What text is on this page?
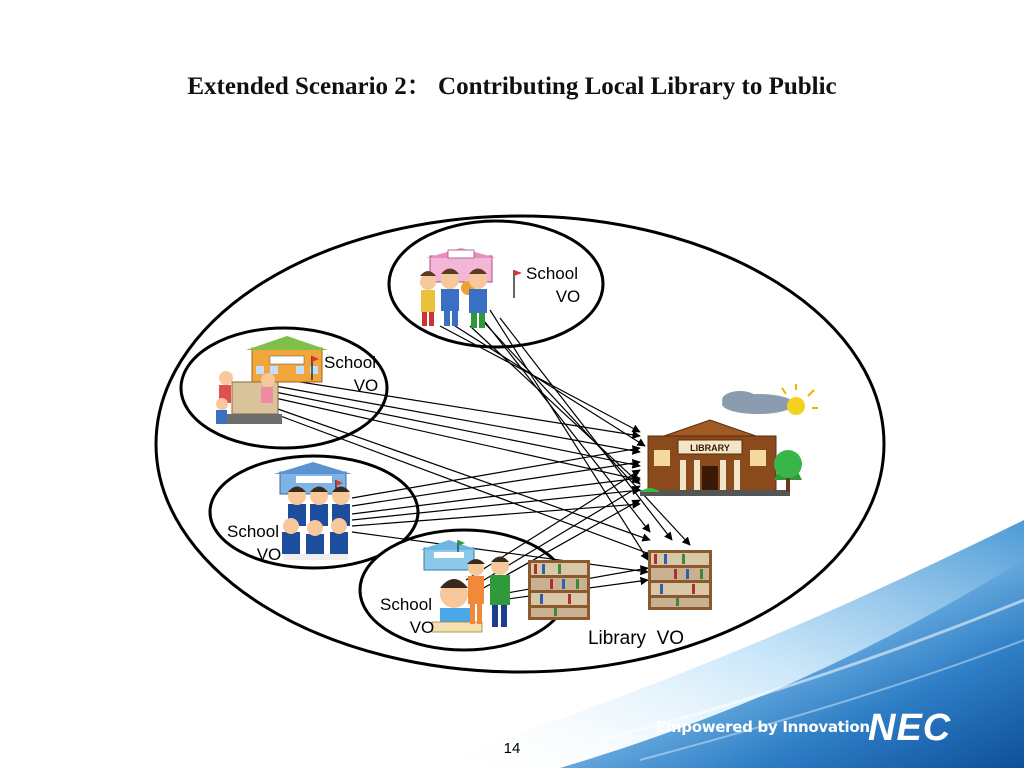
LIBRARY
School
VO
School
VO
School
VO
School
VO
Library  VO
Extended Scenario 2： Contributing Local Library to Public
Empowered by Innovation
NEC
14
